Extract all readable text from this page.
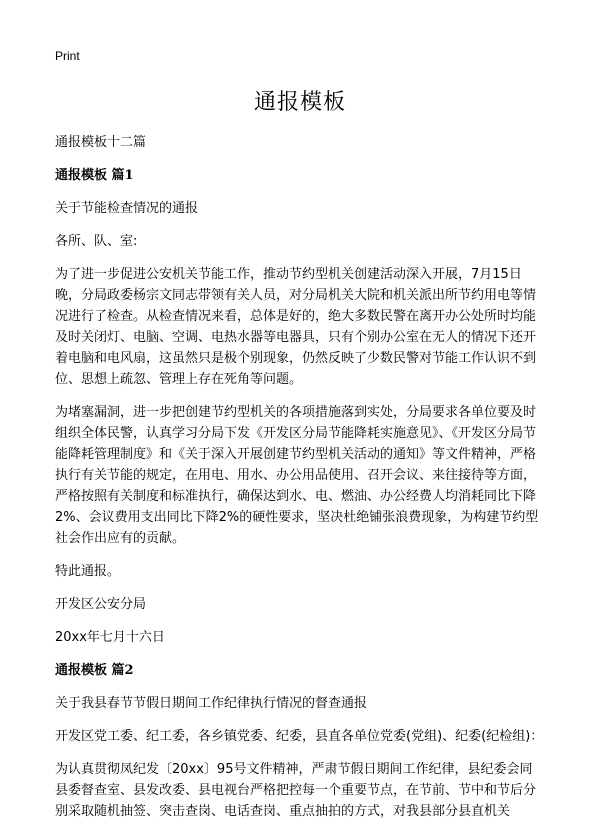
Print
通报模板

通报模板十二篇

通报模板 篇1

关于节能检查情况的通报

各所、队、室:

为了进一步促进公安机关节能工作，推动节约型机关创建活动深入开展，7月15日晚，分局政委杨宗文同志带领有关人员，对分局机关大院和机关派出所节约用电等情况进行了检查。从检查情况来看，总体是好的，绝大多数民警在离开办公处所时均能及时关闭灯、电脑、空调、电热水器等电器具，只有个别办公室在无人的情况下还开着电脑和电风扇，这虽然只是极个别现象，仍然反映了少数民警对节能工作认识不到位、思想上疏忽、管理上存在死角等问题。

为堵塞漏洞，进一步把创建节约型机关的各项措施落到实处，分局要求各单位要及时组织全体民警，认真学习分局下发《开发区分局节能降耗实施意见》、《开发区分局节能降耗管理制度》和《关于深入开展创建节约型机关活动的通知》等文件精神，严格执行有关节能的规定，在用电、用水、办公用品使用、召开会议、来往接待等方面，严格按照有关制度和标准执行，确保达到水、电、燃油、办公经费人均消耗同比下降2%、会议费用支出同比下降2%的硬性要求，坚决杜绝铺张浪费现象，为构建节约型社会作出应有的贡献。

特此通报。

开发区公安分局

20xx年七月十六日

通报模板 篇2

关于我县春节节假日期间工作纪律执行情况的督查通报

开发区党工委、纪工委，各乡镇党委、纪委，县直各单位党委(党组)、纪委(纪检组)：

为认真贯彻凤纪发〔20xx〕95号文件精神，严肃节假日期间工作纪律，县纪委会同县委督查室、县发改委、县电视台严格把控每一个重要节点，在节前、节中和节后分别采取随机抽签、突击查岗、电话查岗、重点抽拍的方式，对我县部分县直机关
